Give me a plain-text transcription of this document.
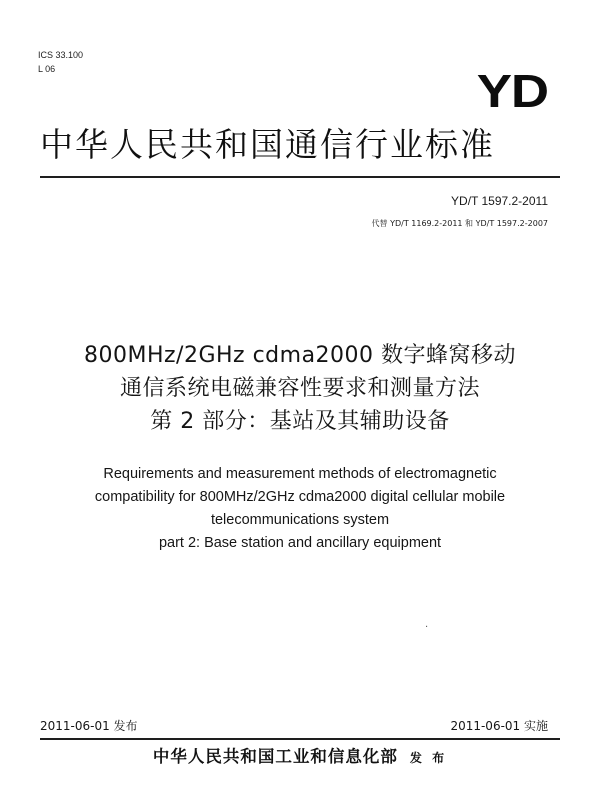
ICS 33.100
L 06	YD
中华人民共和国通信行业标准
YD/T 1597.2-2011
代替 YD/T 1169.2-2011 和 YD/T 1597.2-2007
800MHz/2GHz cdma2000 数字蜂窝移动
通信系统电磁兼容性要求和测量方法
第 2 部分：基站及其辅助设备
Requirements and measurement methods of electromagnetic
compatibility for 800MHz/2GHz cdma2000 digital cellular mobile
telecommunications system
part 2: Base station and ancillary equipment
·
2011-06-01 发布	2011-06-01 实施
中华人民共和国工业和信息化部 发 布
